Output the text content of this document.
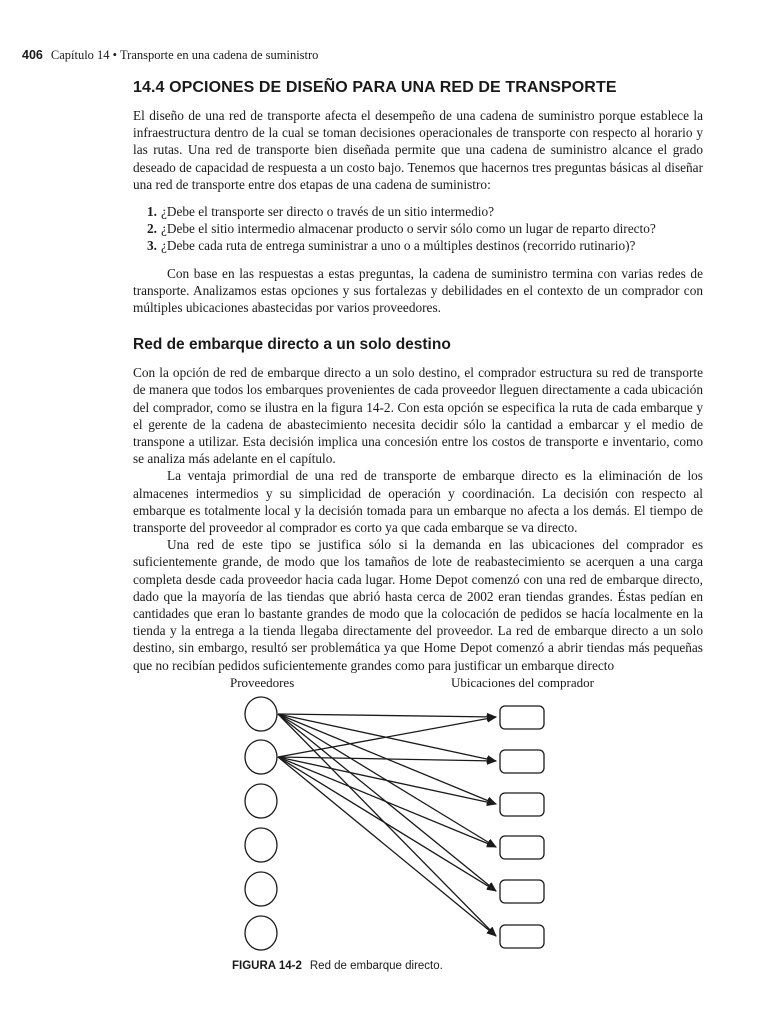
406 Capítulo 14 • Transporte en una cadena de suministro
14.4 OPCIONES DE DISEÑO PARA UNA RED DE TRANSPORTE

El diseño de una red de transporte afecta el desempeño de una cadena de suministro porque establece la infraestructura dentro de la cual se toman decisiones operacionales de transporte con respecto al horario y las rutas. Una red de transporte bien diseñada permite que una cadena de suministro alcance el grado deseado de capacidad de respuesta a un costo bajo. Tenemos que hacernos tres preguntas básicas al diseñar una red de transporte entre dos etapas de una cadena de suministro:

1. ¿Debe el transporte ser directo o través de un sitio intermedio?
2. ¿Debe el sitio intermedio almacenar producto o servir sólo como un lugar de reparto directo?
3. ¿Debe cada ruta de entrega suministrar a uno o a múltiples destinos (recorrido rutinario)?

Con base en las respuestas a estas preguntas, la cadena de suministro termina con varias redes de transporte. Analizamos estas opciones y sus fortalezas y debilidades en el contexto de un comprador con múltiples ubicaciones abastecidas por varios proveedores.

Red de embarque directo a un solo destino

Con la opción de red de embarque directo a un solo destino, el comprador estructura su red de transporte de manera que todos los embarques provenientes de cada proveedor lleguen directamente a cada ubicación del comprador, como se ilustra en la figura 14-2. Con esta opción se especifica la ruta de cada embarque y el gerente de la cadena de abastecimiento necesita decidir sólo la cantidad a embarcar y el medio de transpone a utilizar. Esta decisión implica una concesión entre los costos de transporte e inventario, como se analiza más adelante en el capítulo.

La ventaja primordial de una red de transporte de embarque directo es la eliminación de los almacenes intermedios y su simplicidad de operación y coordinación. La decisión con respecto al embarque es totalmente local y la decisión tomada para un embarque no afecta a los demás. El tiempo de transporte del proveedor al comprador es corto ya que cada embarque se va directo.

Una red de este tipo se justifica sólo si la demanda en las ubicaciones del comprador es suficientemente grande, de modo que los tamaños de lote de reabastecimiento se acerquen a una carga completa desde cada proveedor hacia cada lugar. Home Depot comenzó con una red de embarque directo, dado que la mayoría de las tiendas que abrió hasta cerca de 2002 eran tiendas grandes. Éstas pedían en cantidades que eran lo bastante grandes de modo que la colocación de pedidos se hacía localmente en la tienda y la entrega a la tienda llegaba directamente del proveedor. La red de embarque directo a un solo destino, sin embargo, resultó ser problemática ya que Home Depot comenzó a abrir tiendas más pequeñas que no recibían pedidos suficientemente grandes como para justificar un embarque directo

Proveedores	Ubicaciones del comprador
FIGURA 14-2 Red de embarque directo.
